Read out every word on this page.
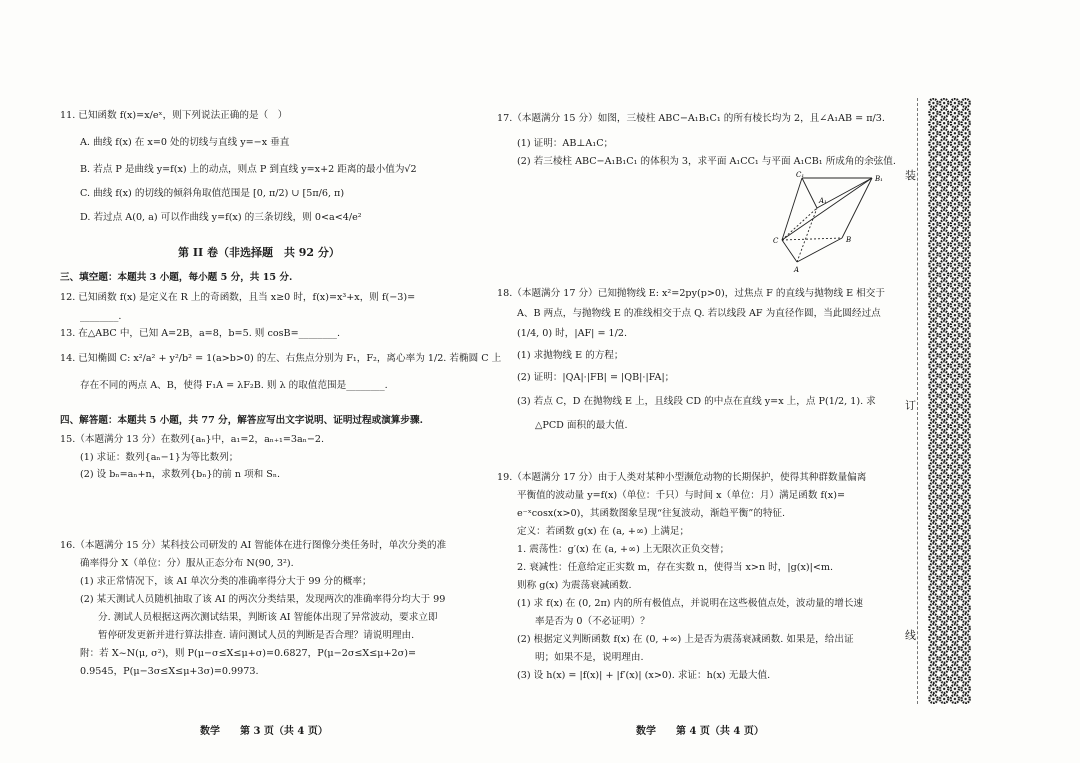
11. 已知函数 f(x)=x/eˣ，则下列说法正确的是（　）
A. 曲线 f(x) 在 x=0 处的切线与直线 y=−x 垂直
B. 若点 P 是曲线 y=f(x) 上的动点，则点 P 到直线 y=x+2 距离的最小值为√2
C. 曲线 f(x) 的切线的倾斜角取值范围是 [0, π/2) ∪ [5π/6, π)
D. 若过点 A(0, a) 可以作曲线 y=f(x) 的三条切线，则 0<a<4/e²
第 II 卷（非选择题　共 92 分）
三、填空题：本题共 3 小题，每小题 5 分，共 15 分.
12. 已知函数 f(x) 是定义在 R 上的奇函数，且当 x≥0 时，f(x)=x³+x，则 f(−3)=
________.
13. 在△ABC 中，已知 A=2B，a=8，b=5. 则 cosB=________.
14. 已知椭圆 C: x²/a² + y²/b² = 1(a>b>0) 的左、右焦点分别为 F₁，F₂，离心率为 1/2. 若椭圆 C 上
存在不同的两点 A、B，使得 F₁A = λF₂B. 则 λ 的取值范围是________.
四、解答题：本题共 5 小题，共 77 分，解答应写出文字说明、证明过程或演算步骤.
15.（本题满分 13 分）在数列{aₙ}中，a₁=2，aₙ₊₁=3aₙ−2.
(1) 求证：数列{aₙ−1}为等比数列；
(2) 设 bₙ=aₙ+n，求数列{bₙ}的前 n 项和 Sₙ.
16.（本题满分 15 分）某科技公司研发的 AI 智能体在进行图像分类任务时，单次分类的准
确率得分 X（单位：分）服从正态分布 N(90, 3²).
(1) 求正常情况下，该 AI 单次分类的准确率得分大于 99 分的概率；
(2) 某天测试人员随机抽取了该 AI 的两次分类结果，发现两次的准确率得分均大于 99
分. 测试人员根据这两次测试结果，判断该 AI 智能体出现了异常波动，要求立即
暂停研发更新并进行算法排查. 请问测试人员的判断是否合理？请说明理由.
附：若 X~N(μ, σ²)，则 P(μ−σ≤X≤μ+σ)=0.6827，P(μ−2σ≤X≤μ+2σ)=
0.9545，P(μ−3σ≤X≤μ+3σ)=0.9973.
数学　　第 3 页（共 4 页）
17.（本题满分 15 分）如图，三棱柱 ABC−A₁B₁C₁ 的所有棱长均为 2，且∠A₁AB = π/3.
(1) 证明：AB⊥A₁C；
(2) 若三棱柱 ABC−A₁B₁C₁ 的体积为 3，求平面 A₁CC₁ 与平面 A₁CB₁ 所成角的余弦值.
C₁	B₁
A₁
C	B
A
18.（本题满分 17 分）已知抛物线 E: x²=2py(p>0)，过焦点 F 的直线与抛物线 E 相交于
A、B 两点，与抛物线 E 的准线相交于点 Q. 若以线段 AF 为直径作圆，当此圆经过点
(1/4, 0) 时，|AF| = 1/2.
(1) 求抛物线 E 的方程；
(2) 证明：|QA|·|FB| = |QB|·|FA|；
(3) 若点 C，D 在抛物线 E 上，且线段 CD 的中点在直线 y=x 上，点 P(1/2, 1). 求
△PCD 面积的最大值.
19.（本题满分 17 分）由于人类对某种小型濒危动物的长期保护，使得其种群数量偏离
平衡值的波动量 y=f(x)（单位：千只）与时间 x（单位：月）满足函数 f(x)=
e⁻ˣcosx(x>0)，其函数图象呈现“往复波动，渐趋平衡”的特征.
定义：若函数 g(x) 在 (a, +∞) 上满足；
1. 震荡性：g′(x) 在 (a, +∞) 上无限次正负交替；
2. 衰减性：任意给定正实数 m，存在实数 n，使得当 x>n 时，|g(x)|<m.
则称 g(x) 为震荡衰减函数.
(1) 求 f(x) 在 (0, 2π) 内的所有极值点，并说明在这些极值点处，波动量的增长速
率是否为 0（不必证明）？
(2) 根据定义判断函数 f(x) 在 (0, +∞) 上是否为震荡衰减函数. 如果是，给出证
明；如果不是，说明理由.
(3) 设 h(x) = |f(x)| + |f′(x)| (x>0). 求证：h(x) 无最大值.
数学　　第 4 页（共 4 页）
装
订
线
